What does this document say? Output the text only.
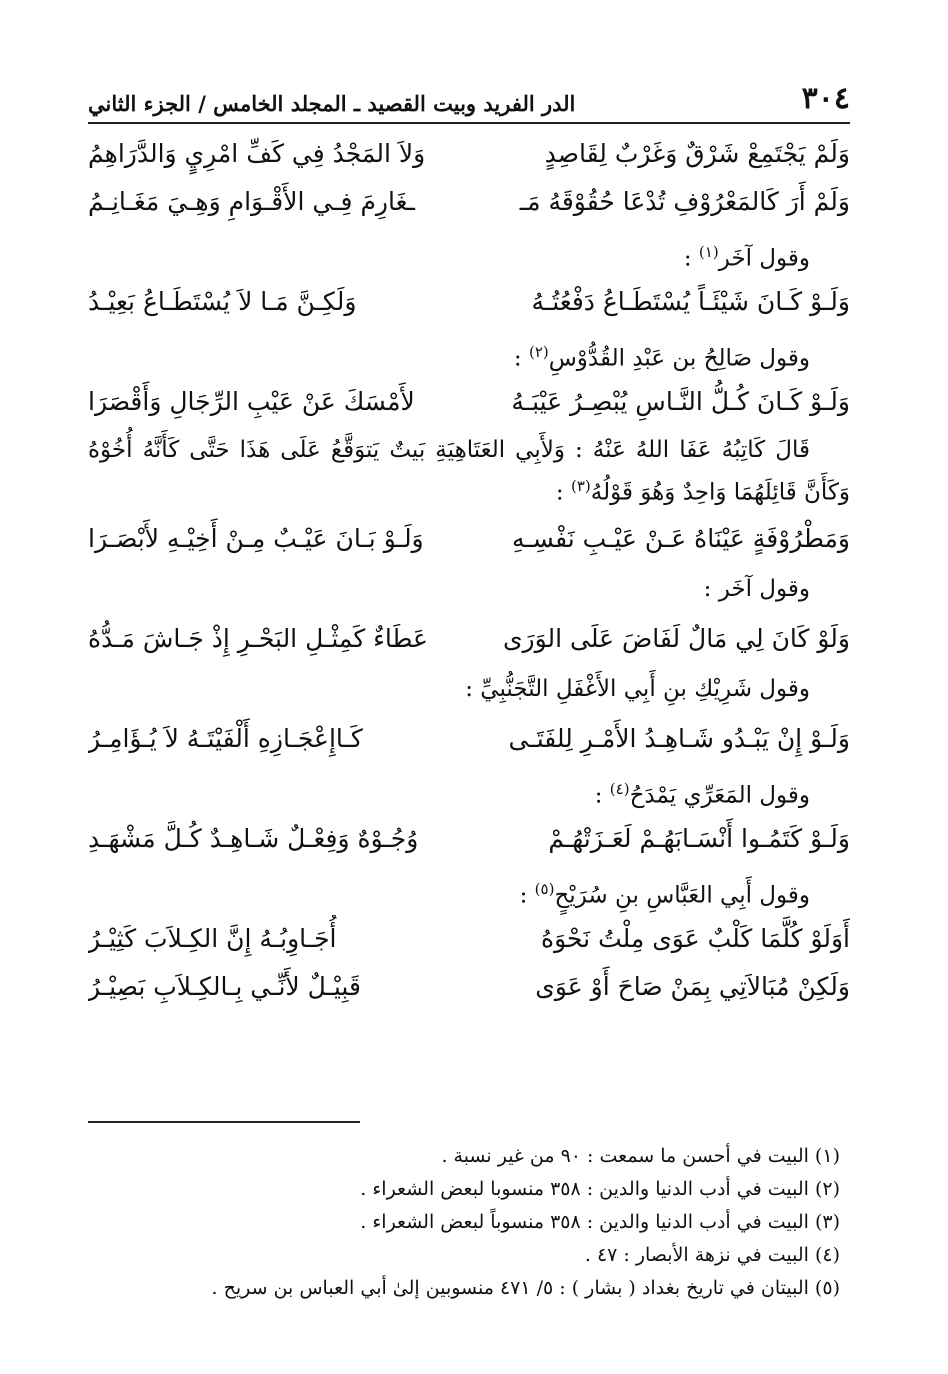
الدر الفريد وبيت القصيد ـ المجلد الخامس / الجزء الثاني	٣٠٤
وَلَمْ يَجْتَمِعْ شَرْقٌ وَغَرْبٌ لِقَاصِدٍ
وَلاَ المَجْدُ فِي كَفِّ امْرِيٍ وَالدَّرَاهِمُ
وَلَمْ أَرَ كَالمَعْرُوْفِ تُدْعَا حُقُوْقَهُ مَـ
ـغَارِمَ فِـي الأَقْـوَامِ وَهِـيَ مَغَـانِـمُ
وقول آخَر$^{(١)}$ :
وَلَـوْ كَـانَ شَيْئَـاً يُسْتَطَـاعُ دَفْعُتُـهُ
وَلَكِـنَّ مَـا لاَ يُسْتَطَـاعُ بَعِيْـدُ
وقول صَالِحُ بن عَبْدِ القُدُّوْسِ$^{(٢)}$ :
وَلَـوْ كَـانَ كُـلُّ النَّـاسِ يُبْصِـرُ عَيْبَـهُ
لأَمْسَكَ عَنْ عَيْبِ الرِّجَالِ وَأَقْصَرَا
قَالَ كَاتِبُهُ عَفَا اللهُ عَنْهُ : وَلأَبِي العَتَاهِيَةِ بَيتٌ يَتوَقَّعُ عَلَى هَذَا حَتَّى كَأَنَّهُ أُخُوْهُ وَكَأَنَّ قَائِلَهُمَا وَاحِدٌ وَهُوَ قَوْلُهُ$^{(٣)}$ :
وَمَطْرُوْفَةٍ عَيْنَاهُ عَـنْ عَيْـبِ نَفْسِـهِ
وَلَـوْ بَـانَ عَيْـبٌ مِـنْ أَخِيْـهِ لأَبْصَـرَا
وقول آخَر :
وَلَوْ كَانَ لِي مَالٌ لَفَاضَ عَلَى الوَرَى
عَطَاءٌ كَمِثْـلِ البَحْـرِ إِذْ جَـاشَ مَـدُّهُ
وقول شَرِيْكِ بنِ أَبِي الأَغْفَلِ التَّجَنُّبِيِّ :
وَلَـوْ إِنْ يَبْـدُو شَـاهِـدُ الأَمْـرِ لِلفَتَـى
كَـاإِعْجَـازِهِ أَلْفَيْتَـهُ لاَ يُـؤَامِـرُ
وقول المَعَرِّي يَمْدَحُ$^{(٤)}$ :
وَلَـوْ كَتَمُـوا أَنْسَـابَهُـمْ لَعَـزَتْهُـمْ
وُجُـوْهٌ وَفِعْـلٌ شَـاهِـدٌ كُـلَّ مَشْهَـدِ
وقول أَبِي العَبَّاسِ بنِ سُرَيْحٍ$^{(٥)}$ :
أَوَلَوْ كُلَّمَا كَلْبٌ عَوَى مِلْتُ نَحْوَهُ
أُجَـاوِبُـهُ إِنَّ الكِـلاَبَ كَثِيْـرُ
وَلَكِنْ مُبَالاَتِي بِمَنْ صَاحَ أَوْ عَوَى
قَبِيْـلٌ لأَنِّـي بِـالكِـلاَبِ بَصِيْـرُ
(١) البيت في أحسن ما سمعت : ٩٠ من غير نسبة .
(٢) البيت في أدب الدنيا والدين : ٣٥٨ منسوبا لبعض الشعراء .
(٣) البيت في أدب الدنيا والدين : ٣٥٨ منسوباً لبعض الشعراء .
(٤) البيت في نزهة الأبصار : ٤٧ .
(٥) البيتان في تاريخ بغداد ( بشار ) : ٥/ ٤٧١ منسوبين إلىٰ أبي العباس بن سريح .
